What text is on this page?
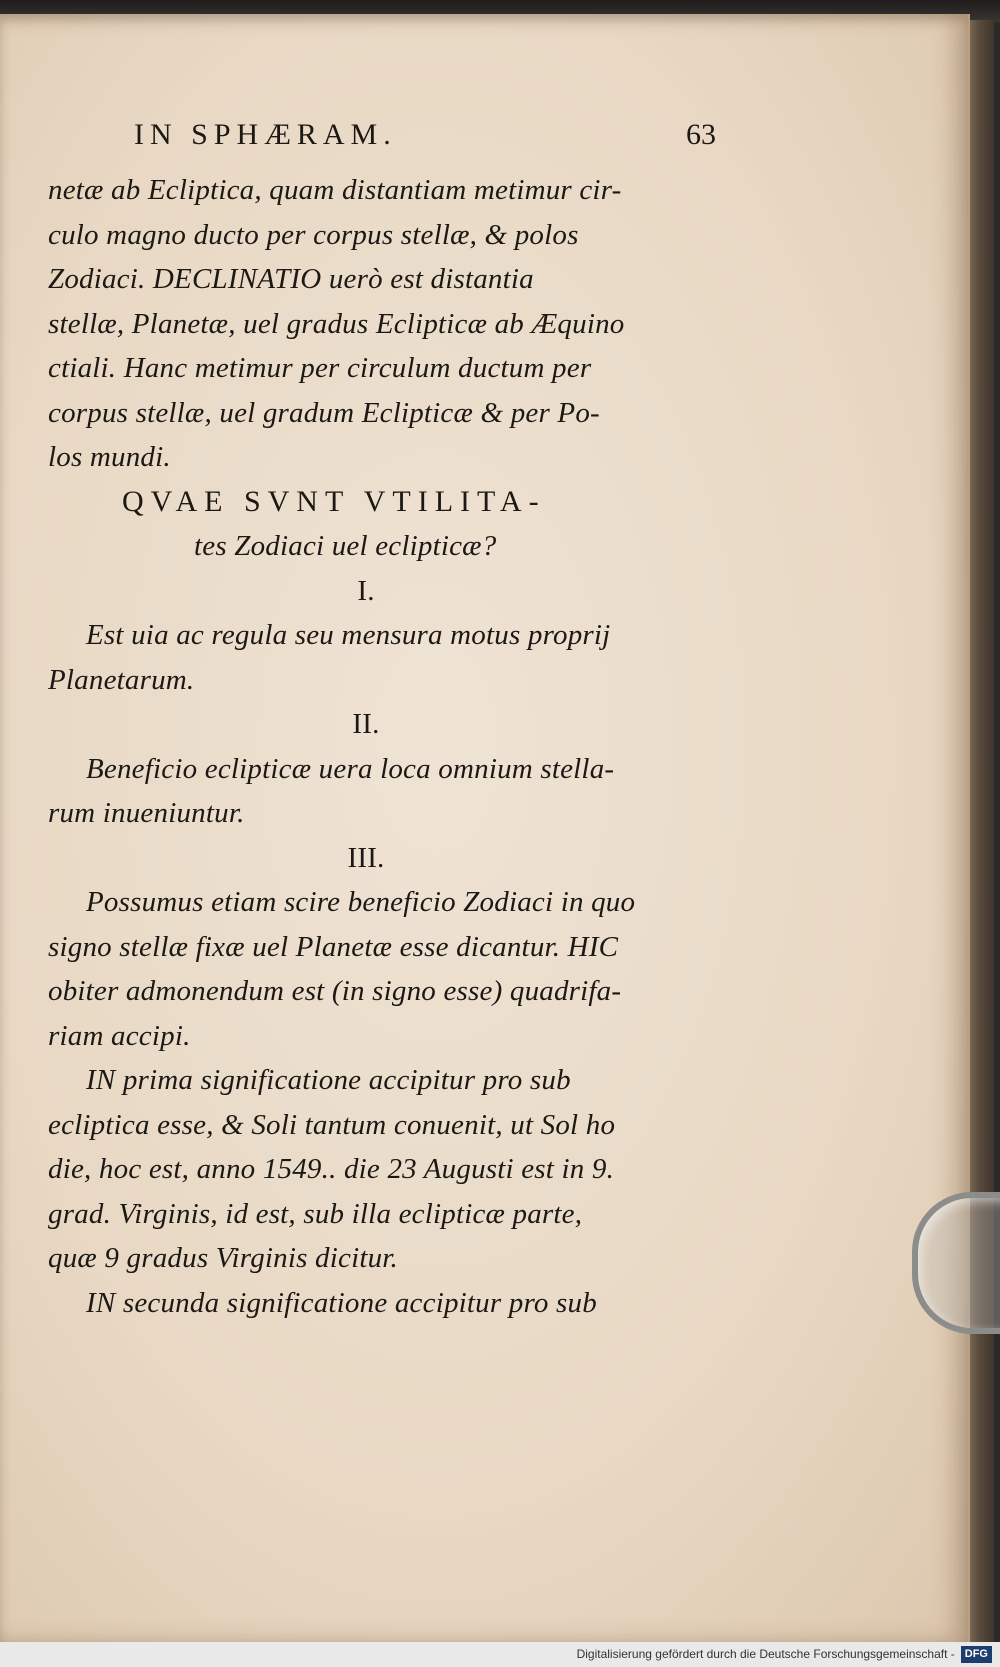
IN SPHÆRAM.	63
netæ ab Ecliptica, quam distantiam metimur cir-
culo magno ducto per corpus stellæ, & polos
Zodiaci. DECLINATIO uerò est distantia
stellæ, Planetæ, uel gradus Eclipticæ ab Æquino
ctiali. Hanc metimur per circulum ductum per
corpus stellæ, uel gradum Eclipticæ & per Po-
los mundi.
QVAE SVNT VTILITA-
tes Zodiaci uel eclipticæ?
I.
Est uia ac regula seu mensura motus proprij
Planetarum.
II.
Beneficio eclipticæ uera loca omnium stella-
rum inueniuntur.
III.
Possumus etiam scire beneficio Zodiaci in quo
signo stellæ fixæ uel Planetæ esse dicantur. HIC
obiter admonendum est (in signo esse) quadrifa-
riam accipi.
IN prima significatione accipitur pro sub
ecliptica esse, & Soli tantum conuenit, ut Sol ho
die, hoc est, anno 1549.. die 23 Augusti est in 9.
grad. Virginis, id est, sub illa eclipticæ parte,
quæ 9 gradus Virginis dicitur.
IN secunda significatione accipitur pro sub
Digitalisierung gefördert durch die Deutsche Forschungsgemeinschaft - DFG
